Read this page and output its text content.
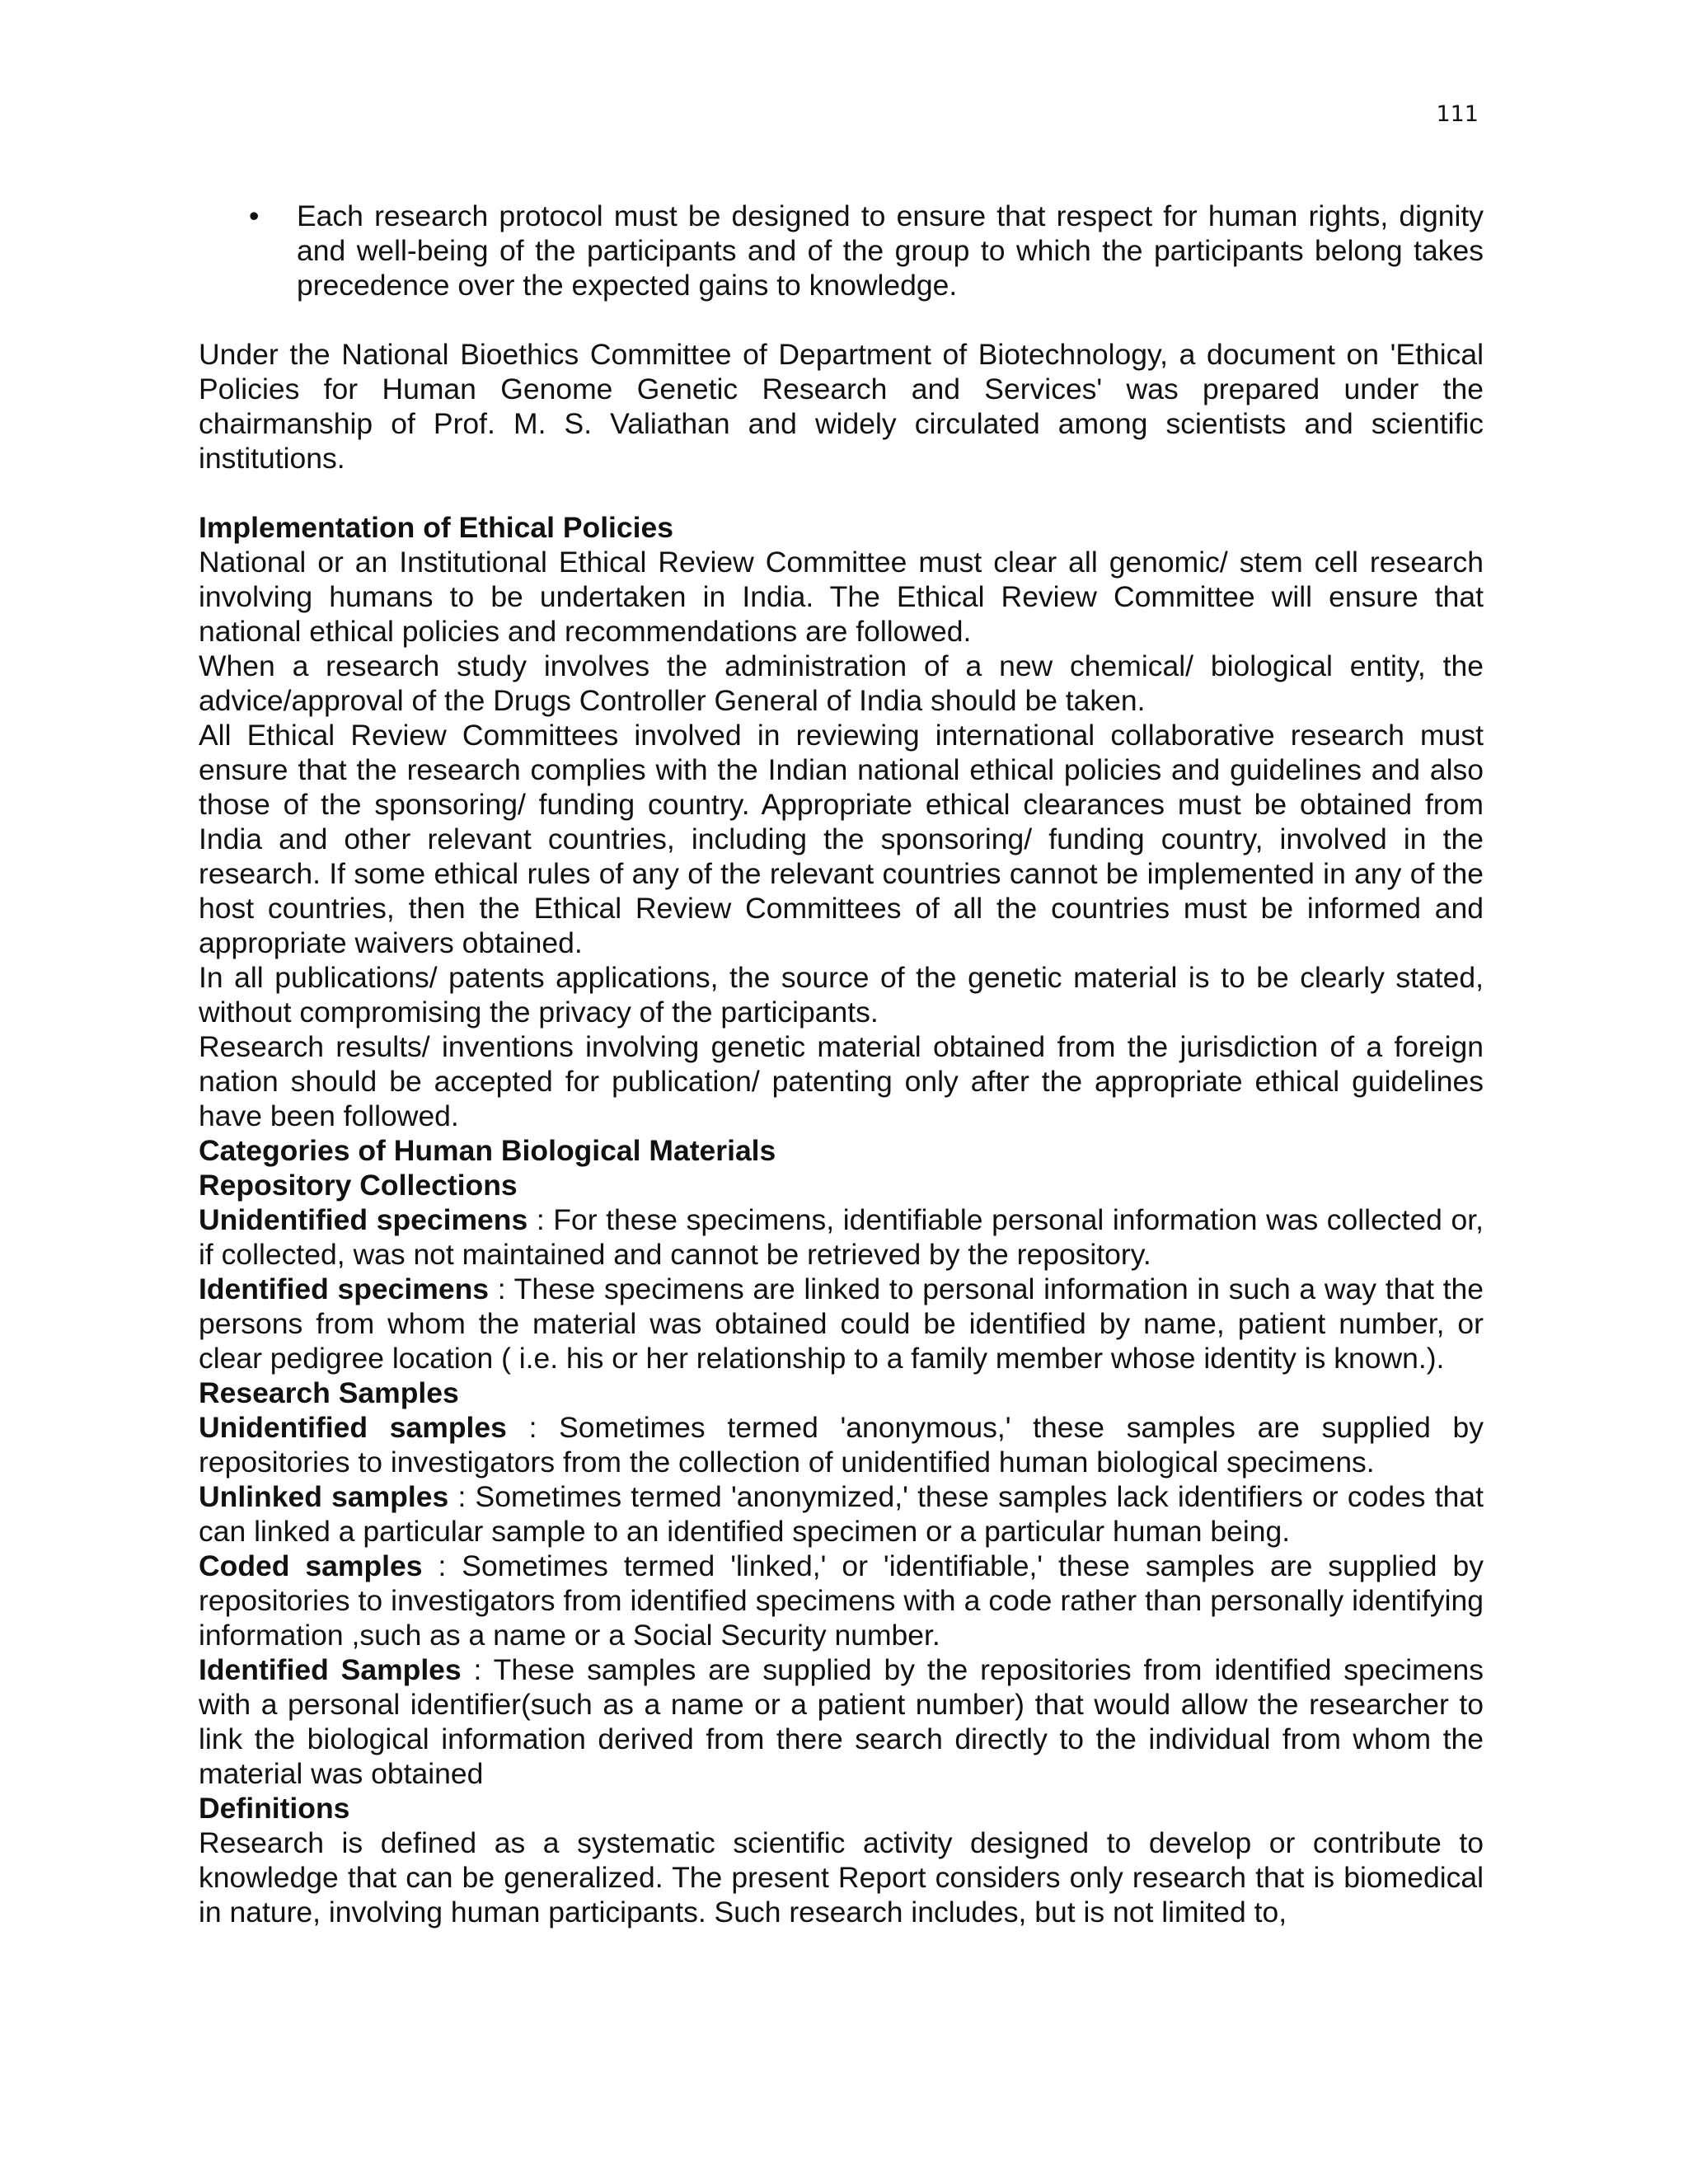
111
• Each research protocol must be designed to ensure that respect for human rights, dignity and well-being of the participants and of the group to which the participants belong takes precedence over the expected gains to knowledge.

Under the National Bioethics Committee of Department of Biotechnology, a document on 'Ethical Policies for Human Genome Genetic Research and Services' was prepared under the chairmanship of Prof. M. S. Valiathan and widely circulated among scientists and scientific institutions.

Implementation of Ethical Policies

National or an Institutional Ethical Review Committee must clear all genomic/ stem cell research involving humans to be undertaken in India. The Ethical Review Committee will ensure that national ethical policies and recommendations are followed.

When a research study involves the administration of a new chemical/ biological entity, the advice/approval of the Drugs Controller General of India should be taken.

All Ethical Review Committees involved in reviewing international collaborative research must ensure that the research complies with the Indian national ethical policies and guidelines and also those of the sponsoring/ funding country. Appropriate ethical clearances must be obtained from India and other relevant countries, including the sponsoring/ funding country, involved in the research. If some ethical rules of any of the relevant countries cannot be implemented in any of the host countries, then the Ethical Review Committees of all the countries must be informed and appropriate waivers obtained.

In all publications/ patents applications, the source of the genetic material is to be clearly stated, without compromising the privacy of the participants.

Research results/ inventions involving genetic material obtained from the jurisdiction of a foreign nation should be accepted for publication/ patenting only after the appropriate ethical guidelines have been followed.

Categories of Human Biological Materials

Repository Collections

Unidentified specimens : For these specimens, identifiable personal information was collected or, if collected, was not maintained and cannot be retrieved by the repository.

Identified specimens : These specimens are linked to personal information in such a way that the persons from whom the material was obtained could be identified by name, patient number, or clear pedigree location ( i.e. his or her relationship to a family member whose identity is known.).

Research Samples

Unidentified samples : Sometimes termed 'anonymous,' these samples are supplied by repositories to investigators from the collection of unidentified human biological specimens.

Unlinked samples : Sometimes termed 'anonymized,' these samples lack identifiers or codes that can linked a particular sample to an identified specimen or a particular human being.

Coded samples : Sometimes termed 'linked,' or 'identifiable,' these samples are supplied by repositories to investigators from identified specimens with a code rather than personally identifying information ,such as a name or a Social Security number.

Identified Samples : These samples are supplied by the repositories from identified specimens with a personal identifier(such as a name or a patient number) that would allow the researcher to link the biological information derived from there search directly to the individual from whom the material was obtained

Definitions

Research is defined as a systematic scientific activity designed to develop or contribute to knowledge that can be generalized. The present Report considers only research that is biomedical in nature, involving human participants. Such research includes, but is not limited to,
